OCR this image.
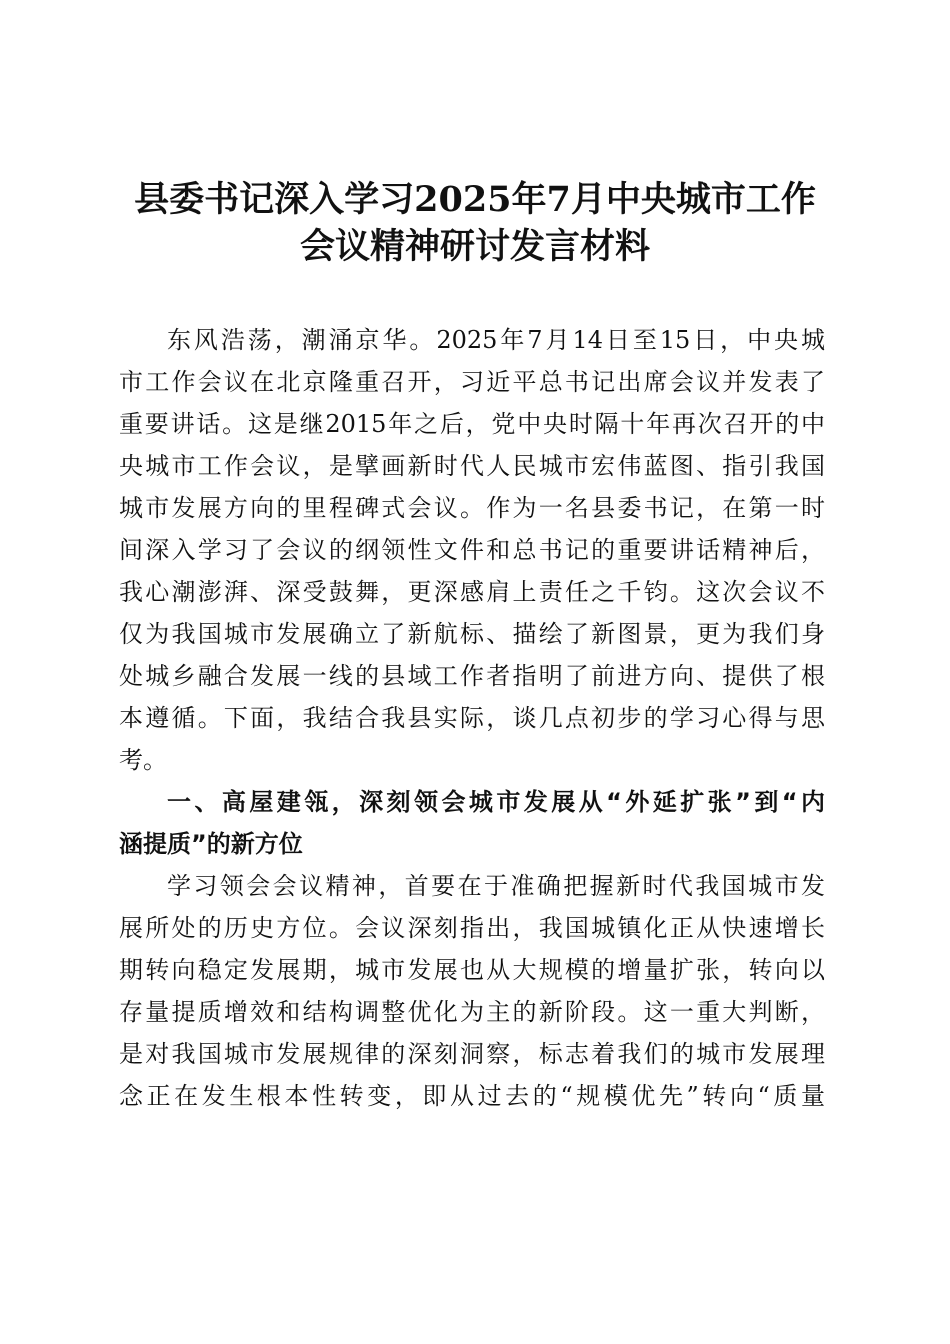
县委书记深入学习2025年7月中央城市工作
会议精神研讨发言材料
东风浩荡，潮涌京华。2025年7月14日至15日，中央城
市工作会议在北京隆重召开，习近平总书记出席会议并发表了
重要讲话。这是继2015年之后，党中央时隔十年再次召开的中
央城市工作会议，是擘画新时代人民城市宏伟蓝图、指引我国
城市发展方向的里程碑式会议。作为一名县委书记，在第一时
间深入学习了会议的纲领性文件和总书记的重要讲话精神后，
我心潮澎湃、深受鼓舞，更深感肩上责任之千钧。这次会议不
仅为我国城市发展确立了新航标、描绘了新图景，更为我们身
处城乡融合发展一线的县域工作者指明了前进方向、提供了根
本遵循。下面，我结合我县实际，谈几点初步的学习心得与思
考。
一、高屋建瓴，深刻领会城市发展从“外延扩张”到“内
涵提质”的新方位
学习领会会议精神，首要在于准确把握新时代我国城市发
展所处的历史方位。会议深刻指出，我国城镇化正从快速增长
期转向稳定发展期，城市发展也从大规模的增量扩张，转向以
存量提质增效和结构调整优化为主的新阶段。这一重大判断，
是对我国城市发展规律的深刻洞察，标志着我们的城市发展理
念正在发生根本性转变，即从过去的“规模优先”转向“质量
